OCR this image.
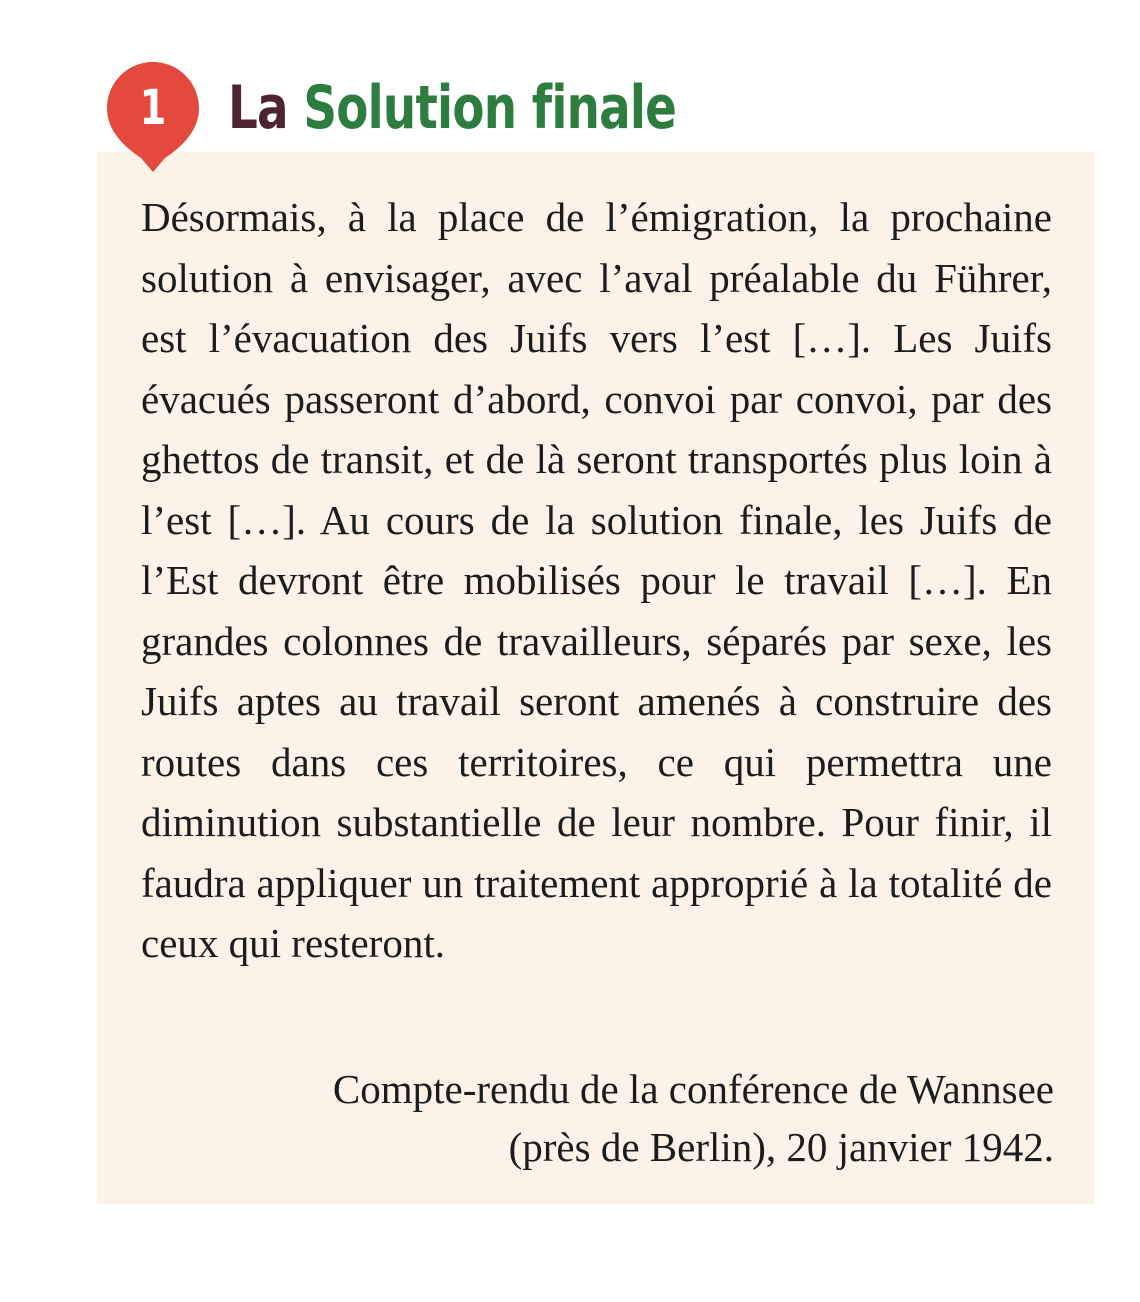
1	La Solution finale

Désormais, à la place de l’émigration, la prochaine solution à envisager, avec l’aval préalable du Führer, est l’évacuation des Juifs vers l’est […]. Les Juifs évacués passeront d’abord, convoi par convoi, par des ghettos de transit, et de là seront transportés plus loin à l’est […]. Au cours de la solution finale, les Juifs de l’Est devront être mobilisés pour le travail […]. En grandes colonnes de travailleurs, séparés par sexe, les Juifs aptes au travail seront amenés à construire des routes dans ces territoires, ce qui permettra une diminution substantielle de leur nombre. Pour finir, il faudra appliquer un traitement approprié à la totalité de ceux qui resteront.

Compte-rendu de la conférence de Wannsee
(près de Berlin), 20 janvier 1942.
